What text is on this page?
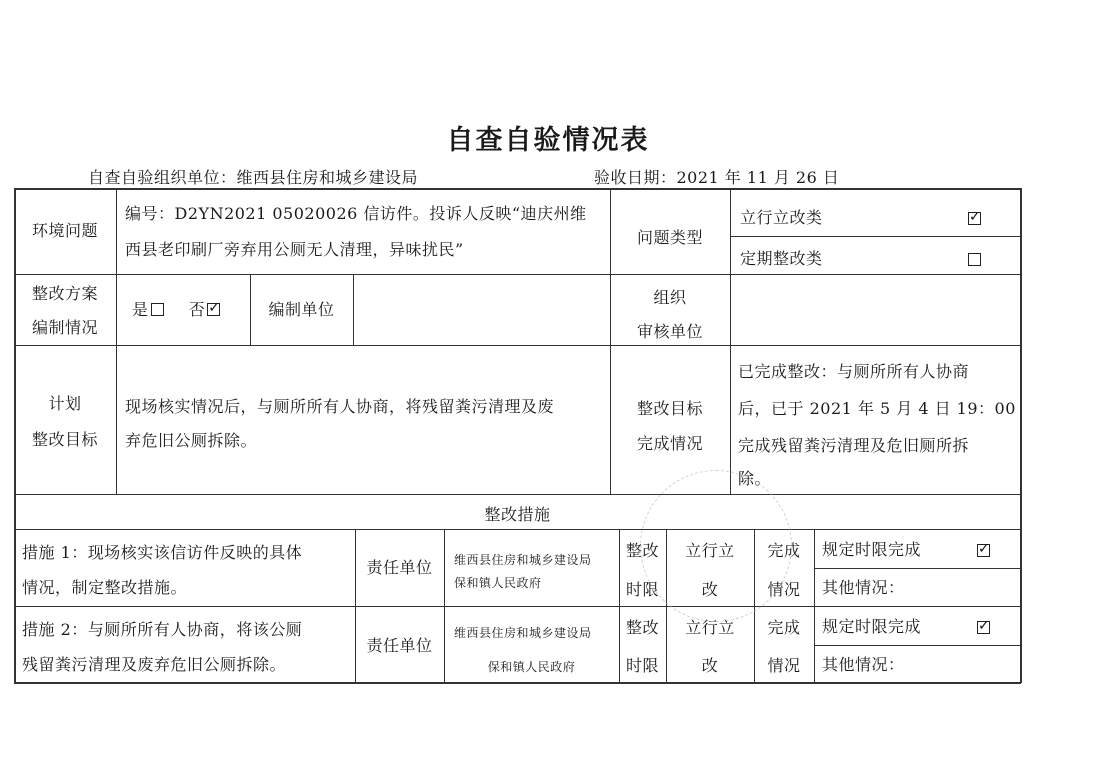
自查自验情况表
自查自验组织单位：维西县住房和城乡建设局	验收日期：2021 年 11 月 26 日
环境问题
编号：D2YN2021 05020026 信访件。投诉人反映“迪庆州维
西县老印刷厂旁弃用公厕无人清理，异味扰民”
问题类型
立行立改类
✓
定期整改类
整改方案
编制情况
是	否✓	编制单位
组织
审核单位
计划
整改目标
现场核实情况后，与厕所所有人协商，将残留粪污清理及废
弃危旧公厕拆除。
整改目标
完成情况
已完成整改：与厕所所有人协商
后，已于 2021 年 5 月 4 日 19：00
完成残留粪污清理及危旧厕所拆
除。
整改措施
措施 1：现场核实该信访件反映的具体
情况，制定整改措施。
责任单位	维西县住房和城乡建设局
保和镇人民政府
整改
时限
立行立
改
完成
情况
规定时限完成
✓
其他情况：
措施 2：与厕所所有人协商，将该公厕
残留粪污清理及废弃危旧公厕拆除。
责任单位
维西县住房和城乡建设局
保和镇人民政府
整改
时限
立行立
改
完成
情况
规定时限完成
✓
其他情况：
